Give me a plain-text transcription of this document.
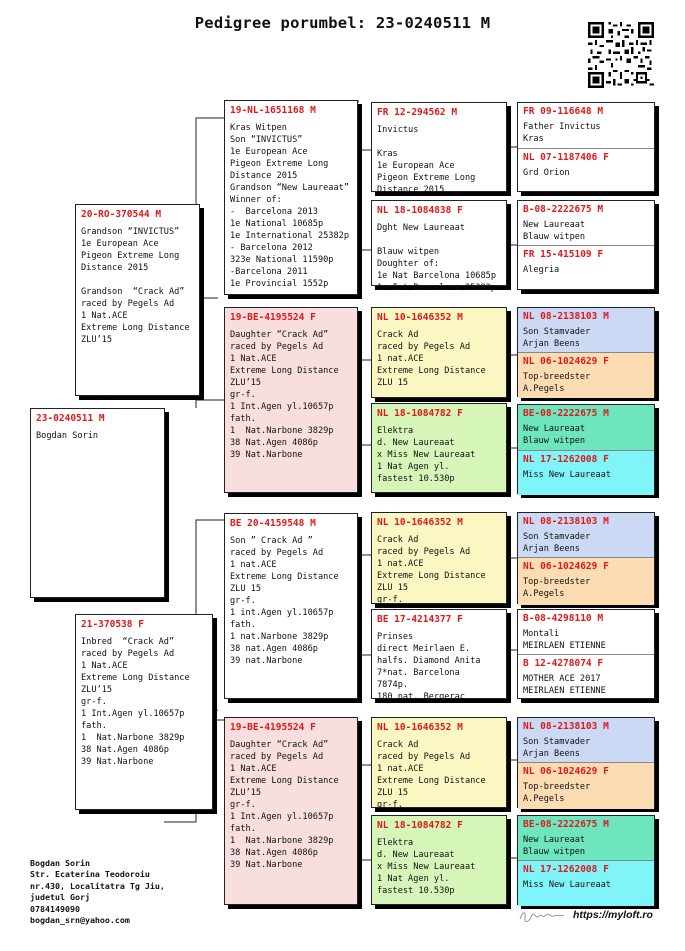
Pedigree porumbel: 23-0240511 M
23-0240511 M
Bogdan Sorin
20-RO-370544 M
Grandson “INVICTUS”
1e European Ace
Pigeon Extreme Long
Distance 2015

Grandson  “Crack Ad”
raced by Pegels Ad
1 Nat.ACE
Extreme Long Distance
ZLU’15
21-370538 F
Inbred  “Crack Ad”
raced by Pegels Ad
1 Nat.ACE
Extreme Long Distance
ZLU’15
gr-f.
1 Int.Agen yl.10657p
fath.
1  Nat.Narbone 3829p
38 Nat.Agen 4086p
39 Nat.Narbone
19-NL-1651168 M
Kras Witpen
Son “INVICTUS”
1e European Ace
Pigeon Extreme Long
Distance 2015
Grandson “New Laureaat”
Winner of:
-  Barcelona 2013
1e National 10685p
1e International 25382p
- Barcelona 2012
323e National 11590p
-Barcelona 2011
1e Provincial 1552p
19-BE-4195524 F
Daughter “Crack Ad”
raced by Pegels Ad
1 Nat.ACE
Extreme Long Distance
ZLU’15
gr-f.
1 Int.Agen yl.10657p
fath.
1  Nat.Narbone 3829p
38 Nat.Agen 4086p
39 Nat.Narbone
BE 20-4159548 M
Son ” Crack Ad ”
raced by Pegels Ad
1 nat.ACE
Extreme Long Distance
ZLU 15
gr-f.
1 int.Agen yl.10657p
fath.
1 nat.Narbone 3829p
38 nat.Agen 4086p
39 nat.Narbone
19-BE-4195524 F
Daughter “Crack Ad”
raced by Pegels Ad
1 Nat.ACE
Extreme Long Distance
ZLU’15
gr-f.
1 Int.Agen yl.10657p
fath.
1  Nat.Narbone 3829p
38 Nat.Agen 4086p
39 Nat.Narbone
FR 12-294562 M
Invictus

Kras
1e European Ace
Pigeon Extreme Long
Distance 2015
NL 18-1084838 F
Dght New Laureaat

Blauw witpen
Doughter of:
1e Nat Barcelona 10685p
1e Int Barcelona 25382p
NL 10-1646352 M
Crack Ad
raced by Pegels Ad
1 nat.ACE
Extreme Long Distance
ZLU 15
NL 18-1084782 F
Elektra
d. New Laureaat
x Miss New Laureaat
1 Nat Agen yl.
fastest 10.530p
NL 10-1646352 M
Crack Ad
raced by Pegels Ad
1 nat.ACE
Extreme Long Distance
ZLU 15
gr-f.
BE 17-4214377 F
Prinses
direct Meirlaen E.
halfs. Diamond Anita
7*nat. Barcelona
7874p.
180 nat. Bergerac
NL 10-1646352 M
Crack Ad
raced by Pegels Ad
1 nat.ACE
Extreme Long Distance
ZLU 15
gr-f.
NL 18-1084782 F
Elektra
d. New Laureaat
x Miss New Laureaat
1 Nat Agen yl.
fastest 10.530p
FR 09-116648 M
Father Invictus
Kras
NL 07-1187406 F
Grd Orion
B-08-2222675 M
New Laureaat
Blauw witpen
FR 15-415109 F
Alegria
NL 08-2138103 M
Son Stamvader
Arjan Beens
NL 06-1024629 F
Top-breedster
A.Pegels
BE-08-2222675 M
New Laureaat
Blauw witpen
NL 17-1262008 F
Miss New Laureaat
NL 08-2138103 M
Son Stamvader
Arjan Beens
NL 06-1024629 F
Top-breedster
A.Pegels
B-08-4298110 M
Montali
MEIRLAEN ETIENNE
B 12-4278074 F
MOTHER ACE 2017
MEIRLAEN ETIENNE
NL 08-2138103 M
Son Stamvader
Arjan Beens
NL 06-1024629 F
Top-breedster
A.Pegels
BE-08-2222675 M
New Laureaat
Blauw witpen
NL 17-1262008 F
Miss New Laureaat
Bogdan Sorin
Str. Ecaterina Teodoroiu
nr.430, Localitatra Tg Jiu,
judetul Gorj
0784149090
bogdan_srn@yahoo.com	https://myloft.ro
